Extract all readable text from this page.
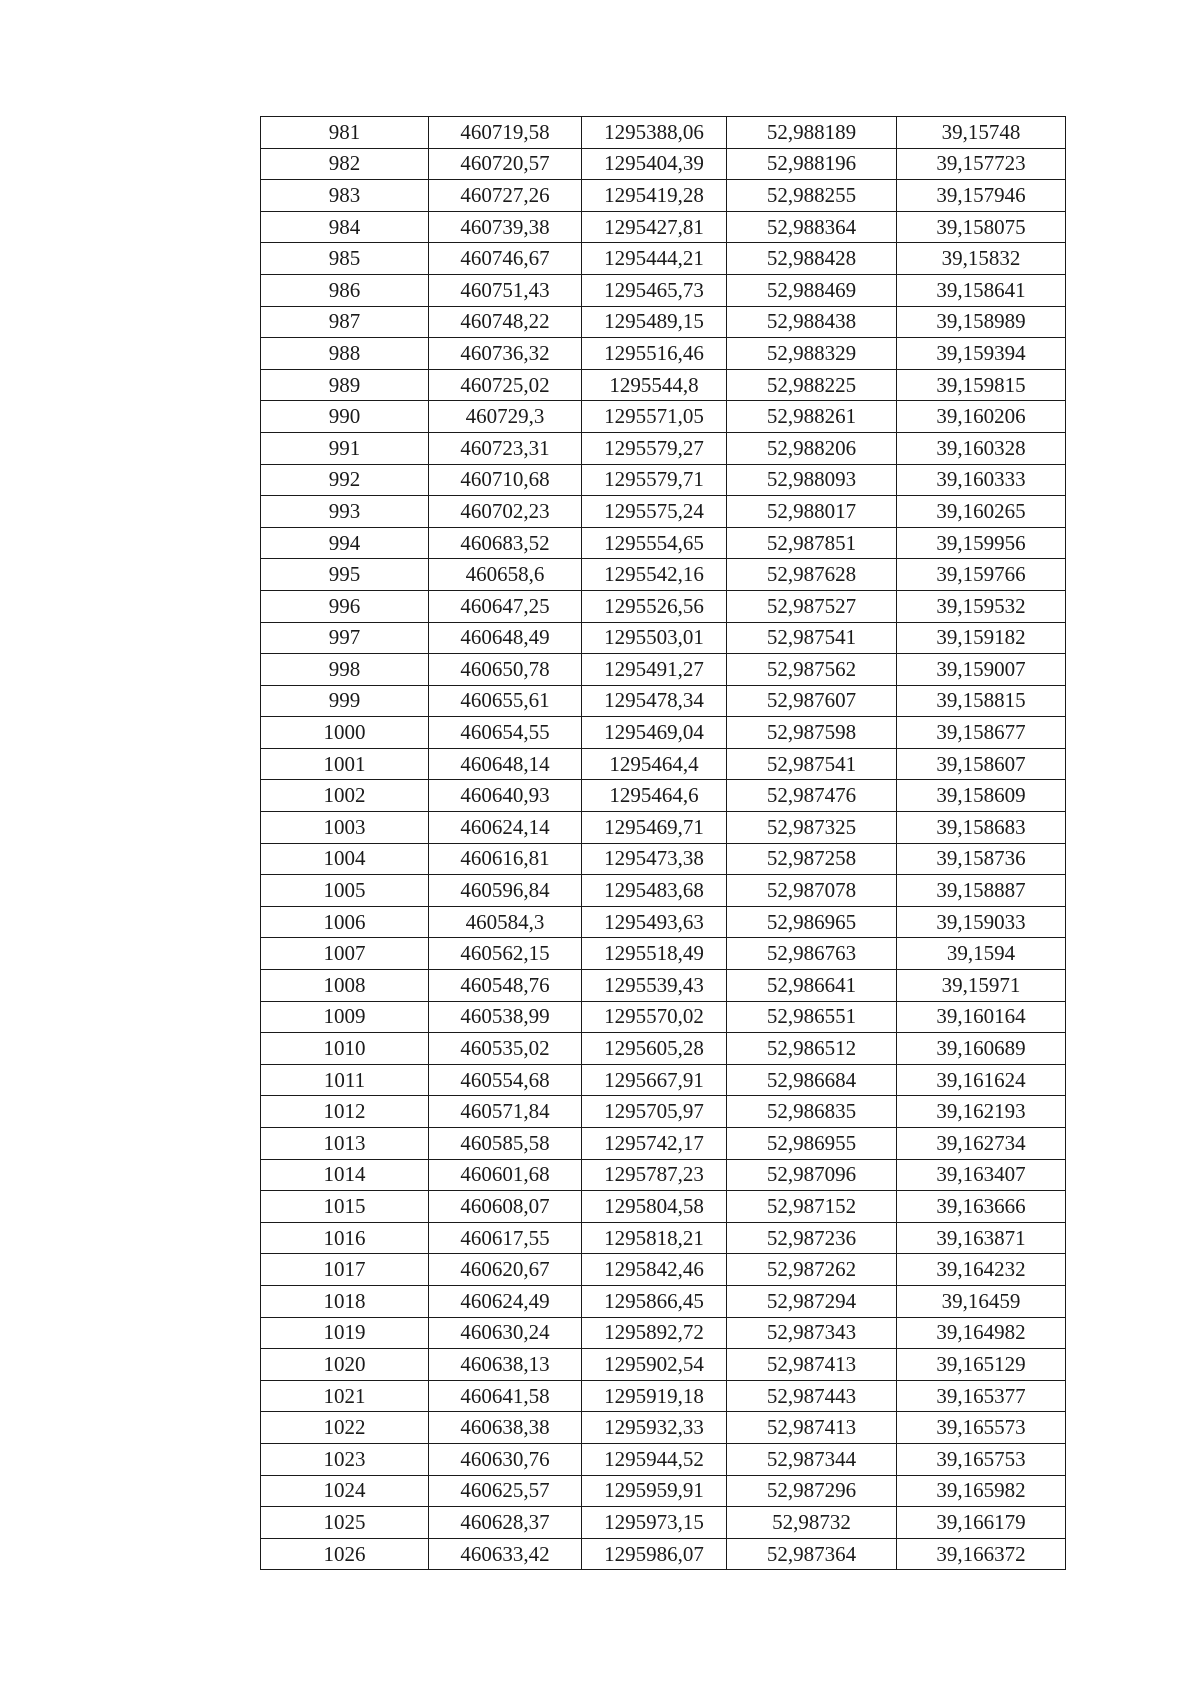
981	460719,58	1295388,06	52,988189	39,15748
982	460720,57	1295404,39	52,988196	39,157723
983	460727,26	1295419,28	52,988255	39,157946
984	460739,38	1295427,81	52,988364	39,158075
985	460746,67	1295444,21	52,988428	39,15832
986	460751,43	1295465,73	52,988469	39,158641
987	460748,22	1295489,15	52,988438	39,158989
988	460736,32	1295516,46	52,988329	39,159394
989	460725,02	1295544,8	52,988225	39,159815
990	460729,3	1295571,05	52,988261	39,160206
991	460723,31	1295579,27	52,988206	39,160328
992	460710,68	1295579,71	52,988093	39,160333
993	460702,23	1295575,24	52,988017	39,160265
994	460683,52	1295554,65	52,987851	39,159956
995	460658,6	1295542,16	52,987628	39,159766
996	460647,25	1295526,56	52,987527	39,159532
997	460648,49	1295503,01	52,987541	39,159182
998	460650,78	1295491,27	52,987562	39,159007
999	460655,61	1295478,34	52,987607	39,158815
1000	460654,55	1295469,04	52,987598	39,158677
1001	460648,14	1295464,4	52,987541	39,158607
1002	460640,93	1295464,6	52,987476	39,158609
1003	460624,14	1295469,71	52,987325	39,158683
1004	460616,81	1295473,38	52,987258	39,158736
1005	460596,84	1295483,68	52,987078	39,158887
1006	460584,3	1295493,63	52,986965	39,159033
1007	460562,15	1295518,49	52,986763	39,1594
1008	460548,76	1295539,43	52,986641	39,15971
1009	460538,99	1295570,02	52,986551	39,160164
1010	460535,02	1295605,28	52,986512	39,160689
1011	460554,68	1295667,91	52,986684	39,161624
1012	460571,84	1295705,97	52,986835	39,162193
1013	460585,58	1295742,17	52,986955	39,162734
1014	460601,68	1295787,23	52,987096	39,163407
1015	460608,07	1295804,58	52,987152	39,163666
1016	460617,55	1295818,21	52,987236	39,163871
1017	460620,67	1295842,46	52,987262	39,164232
1018	460624,49	1295866,45	52,987294	39,16459
1019	460630,24	1295892,72	52,987343	39,164982
1020	460638,13	1295902,54	52,987413	39,165129
1021	460641,58	1295919,18	52,987443	39,165377
1022	460638,38	1295932,33	52,987413	39,165573
1023	460630,76	1295944,52	52,987344	39,165753
1024	460625,57	1295959,91	52,987296	39,165982
1025	460628,37	1295973,15	52,98732	39,166179
1026	460633,42	1295986,07	52,987364	39,166372
